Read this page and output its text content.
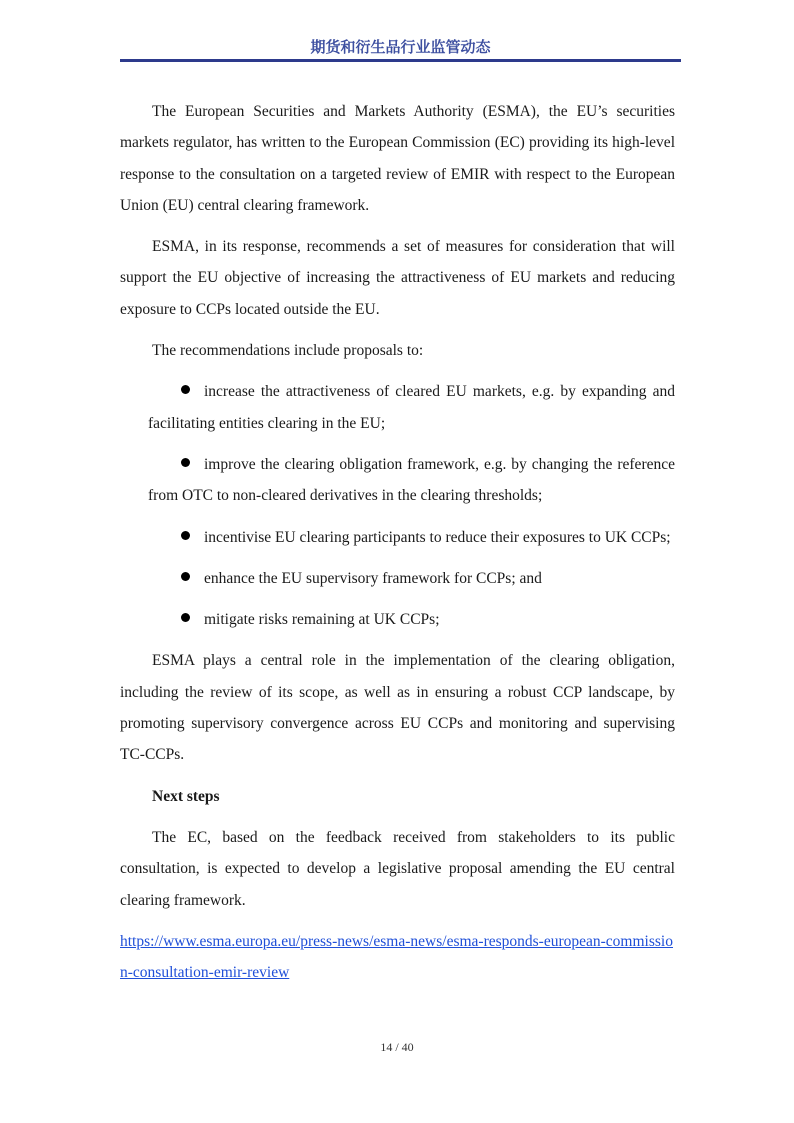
期货和衍生品行业监管动态

The European Securities and Markets Authority (ESMA), the EU’s securities markets regulator, has written to the European Commission (EC) providing its high-level response to the consultation on a targeted review of EMIR with respect to the European Union (EU) central clearing framework.

ESMA, in its response, recommends a set of measures for consideration that will support the EU objective of increasing the attractiveness of EU markets and reducing exposure to CCPs located outside the EU.

The recommendations include proposals to:

increase the attractiveness of cleared EU markets, e.g. by expanding and facilitating entities clearing in the EU;

improve the clearing obligation framework, e.g. by changing the reference from OTC to non-cleared derivatives in the clearing thresholds;

incentivise EU clearing participants to reduce their exposures to UK CCPs;

enhance the EU supervisory framework for CCPs; and

mitigate risks remaining at UK CCPs;

ESMA plays a central role in the implementation of the clearing obligation, including the review of its scope, as well as in ensuring a robust CCP landscape, by promoting supervisory convergence across EU CCPs and monitoring and supervising TC-CCPs.

Next steps

The EC, based on the feedback received from stakeholders to its public consultation, is expected to develop a legislative proposal amending the EU central clearing framework.

https://www.esma.europa.eu/press-news/esma-news/esma-responds-european-commission-consultation-emir-review
14 / 40
